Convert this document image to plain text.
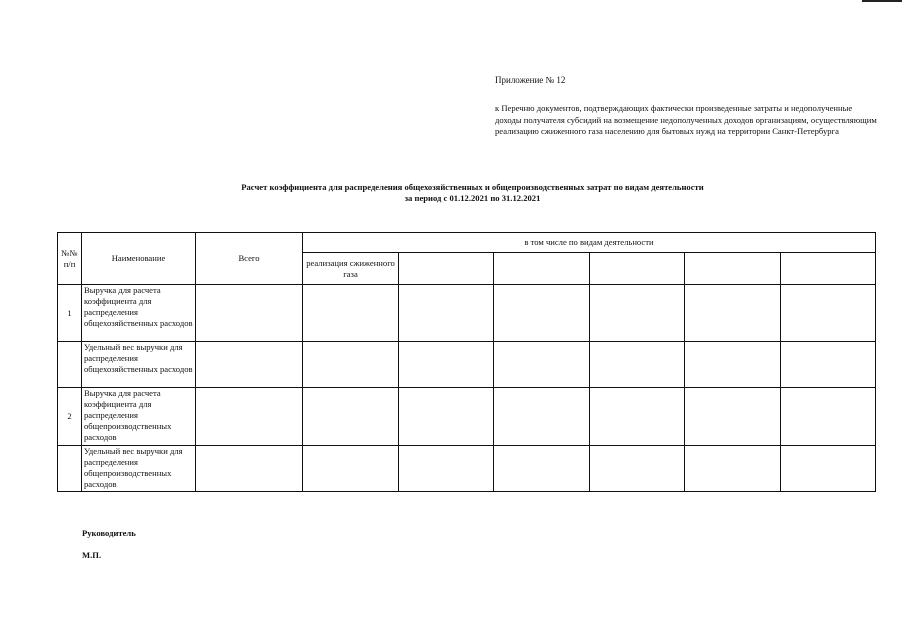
Приложение № 12
к Перечню документов, подтверждающих фактически произведенные затраты и недополученные доходы получателя субсидий на возмещение недополученных доходов организациям, осуществляющим реализацию сжиженного газа населению для бытовых нужд на территории Санкт-Петербурга
Расчет коэффициента для распределения общехозяйственных и общепроизводственных затрат по видам деятельности
за период с 01.12.2021 по 31.12.2021
№№ п/п	Наименование	Всего	в том числе по видам деятельности					
			реализация сжиженного газа					
1	Выручка для расчета коэффициента для распределения общехозяйственных расходов							
	Удельный вес выручки для распределения общехозяйственных расходов							
2	Выручка для расчета коэффициента для распределения общепроизводственных расходов							
	Удельный вес выручки для распределения общепроизводственных расходов							
Руководитель
М.П.
